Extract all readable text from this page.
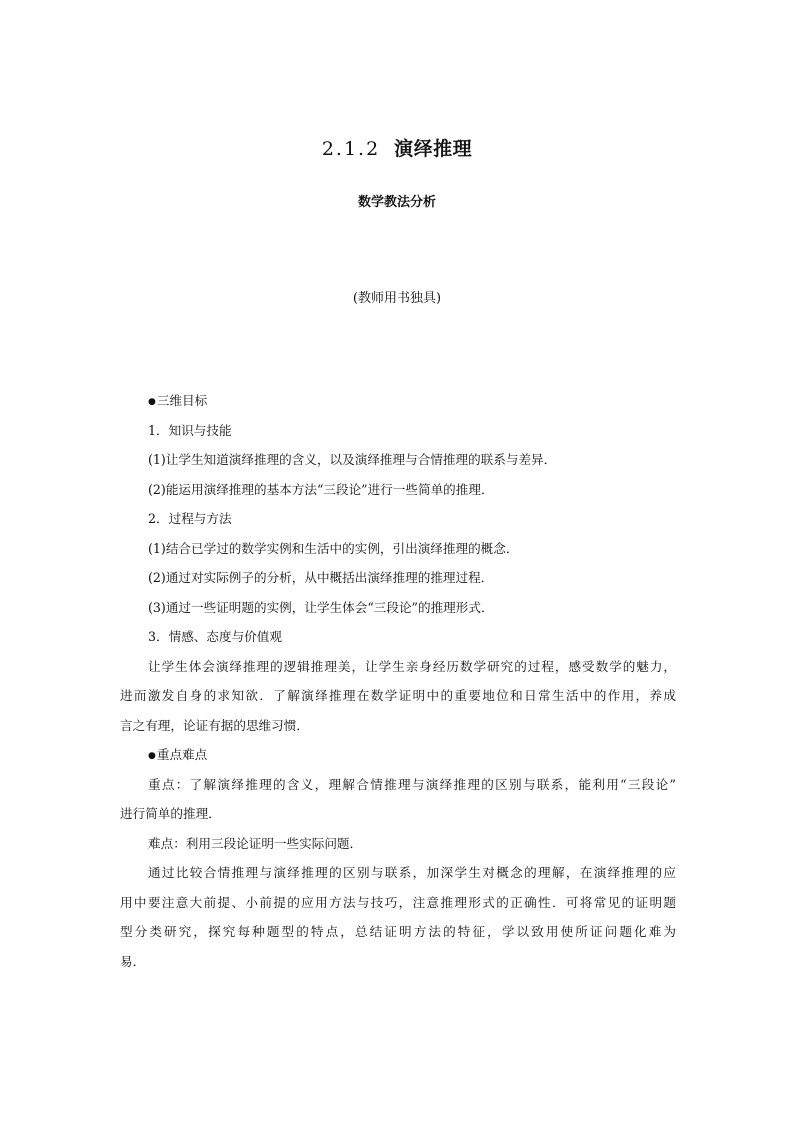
2.1.2 演绎推理
数学教法分析
(教师用书独具)
●三维目标
1．知识与技能
(1)让学生知道演绎推理的含义，以及演绎推理与合情推理的联系与差异．
(2)能运用演绎推理的基本方法“三段论”进行一些简单的推理．
2．过程与方法
(1)结合已学过的数学实例和生活中的实例，引出演绎推理的概念．
(2)通过对实际例子的分析，从中概括出演绎推理的推理过程．
(3)通过一些证明题的实例，让学生体会“三段论”的推理形式．
3．情感、态度与价值观
让学生体会演绎推理的逻辑推理美，让学生亲身经历数学研究的过程，感受数学的魅力，
进而激发自身的求知欲．了解演绎推理在数学证明中的重要地位和日常生活中的作用，养成
言之有理，论证有据的思维习惯．
●重点难点
重点：了解演绎推理的含义，理解合情推理与演绎推理的区别与联系，能利用“三段论”
进行简单的推理．
难点：利用三段论证明一些实际问题．
通过比较合情推理与演绎推理的区别与联系，加深学生对概念的理解，在演绎推理的应
用中要注意大前提、小前提的应用方法与技巧，注意推理形式的正确性．可将常见的证明题
型分类研究，探究每种题型的特点，总结证明方法的特征，学以致用使所证问题化难为
易．
